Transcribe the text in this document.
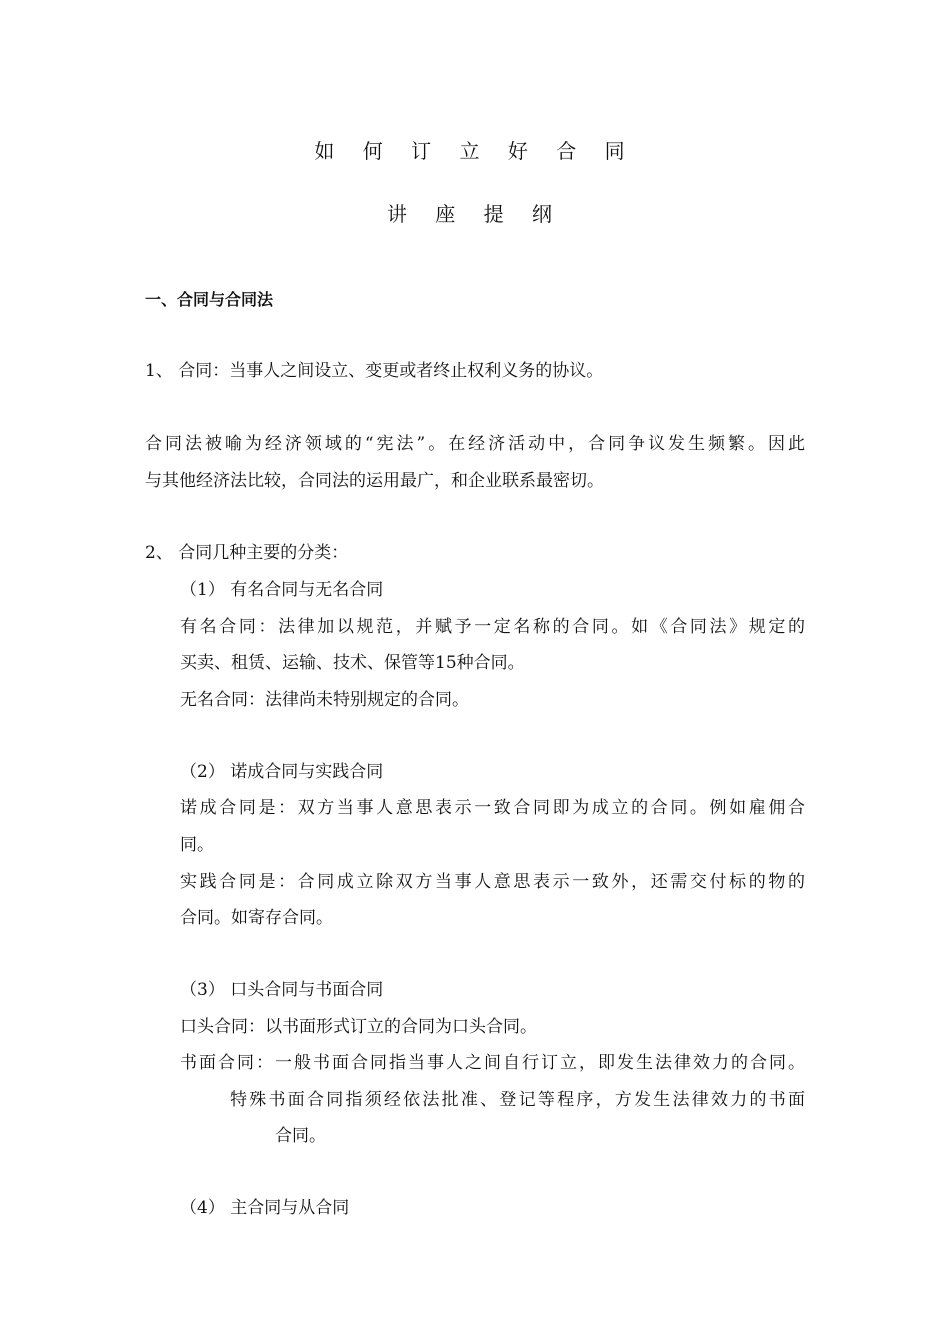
如 何 订 立 好 合 同
讲 座 提 纲
一、合同与合同法
1、 合同：当事人之间设立、变更或者终止权利义务的协议。
合同法被喻为经济领域的“宪法”。在经济活动中，合同争议发生频繁。因此
与其他经济法比较，合同法的运用最广，和企业联系最密切。
2、 合同几种主要的分类：
（1） 有名合同与无名合同
有名合同：法律加以规范，并赋予一定名称的合同。如《合同法》规定的
买卖、租赁、运输、技术、保管等15种合同。
无名合同：法律尚未特别规定的合同。
（2） 诺成合同与实践合同
诺成合同是：双方当事人意思表示一致合同即为成立的合同。例如雇佣合
同。
实践合同是：合同成立除双方当事人意思表示一致外，还需交付标的物的
合同。如寄存合同。
（3） 口头合同与书面合同
口头合同：以书面形式订立的合同为口头合同。
书面合同：一般书面合同指当事人之间自行订立，即发生法律效力的合同。
特殊书面合同指须经依法批准、登记等程序，方发生法律效力的书面
合同。
（4） 主合同与从合同
